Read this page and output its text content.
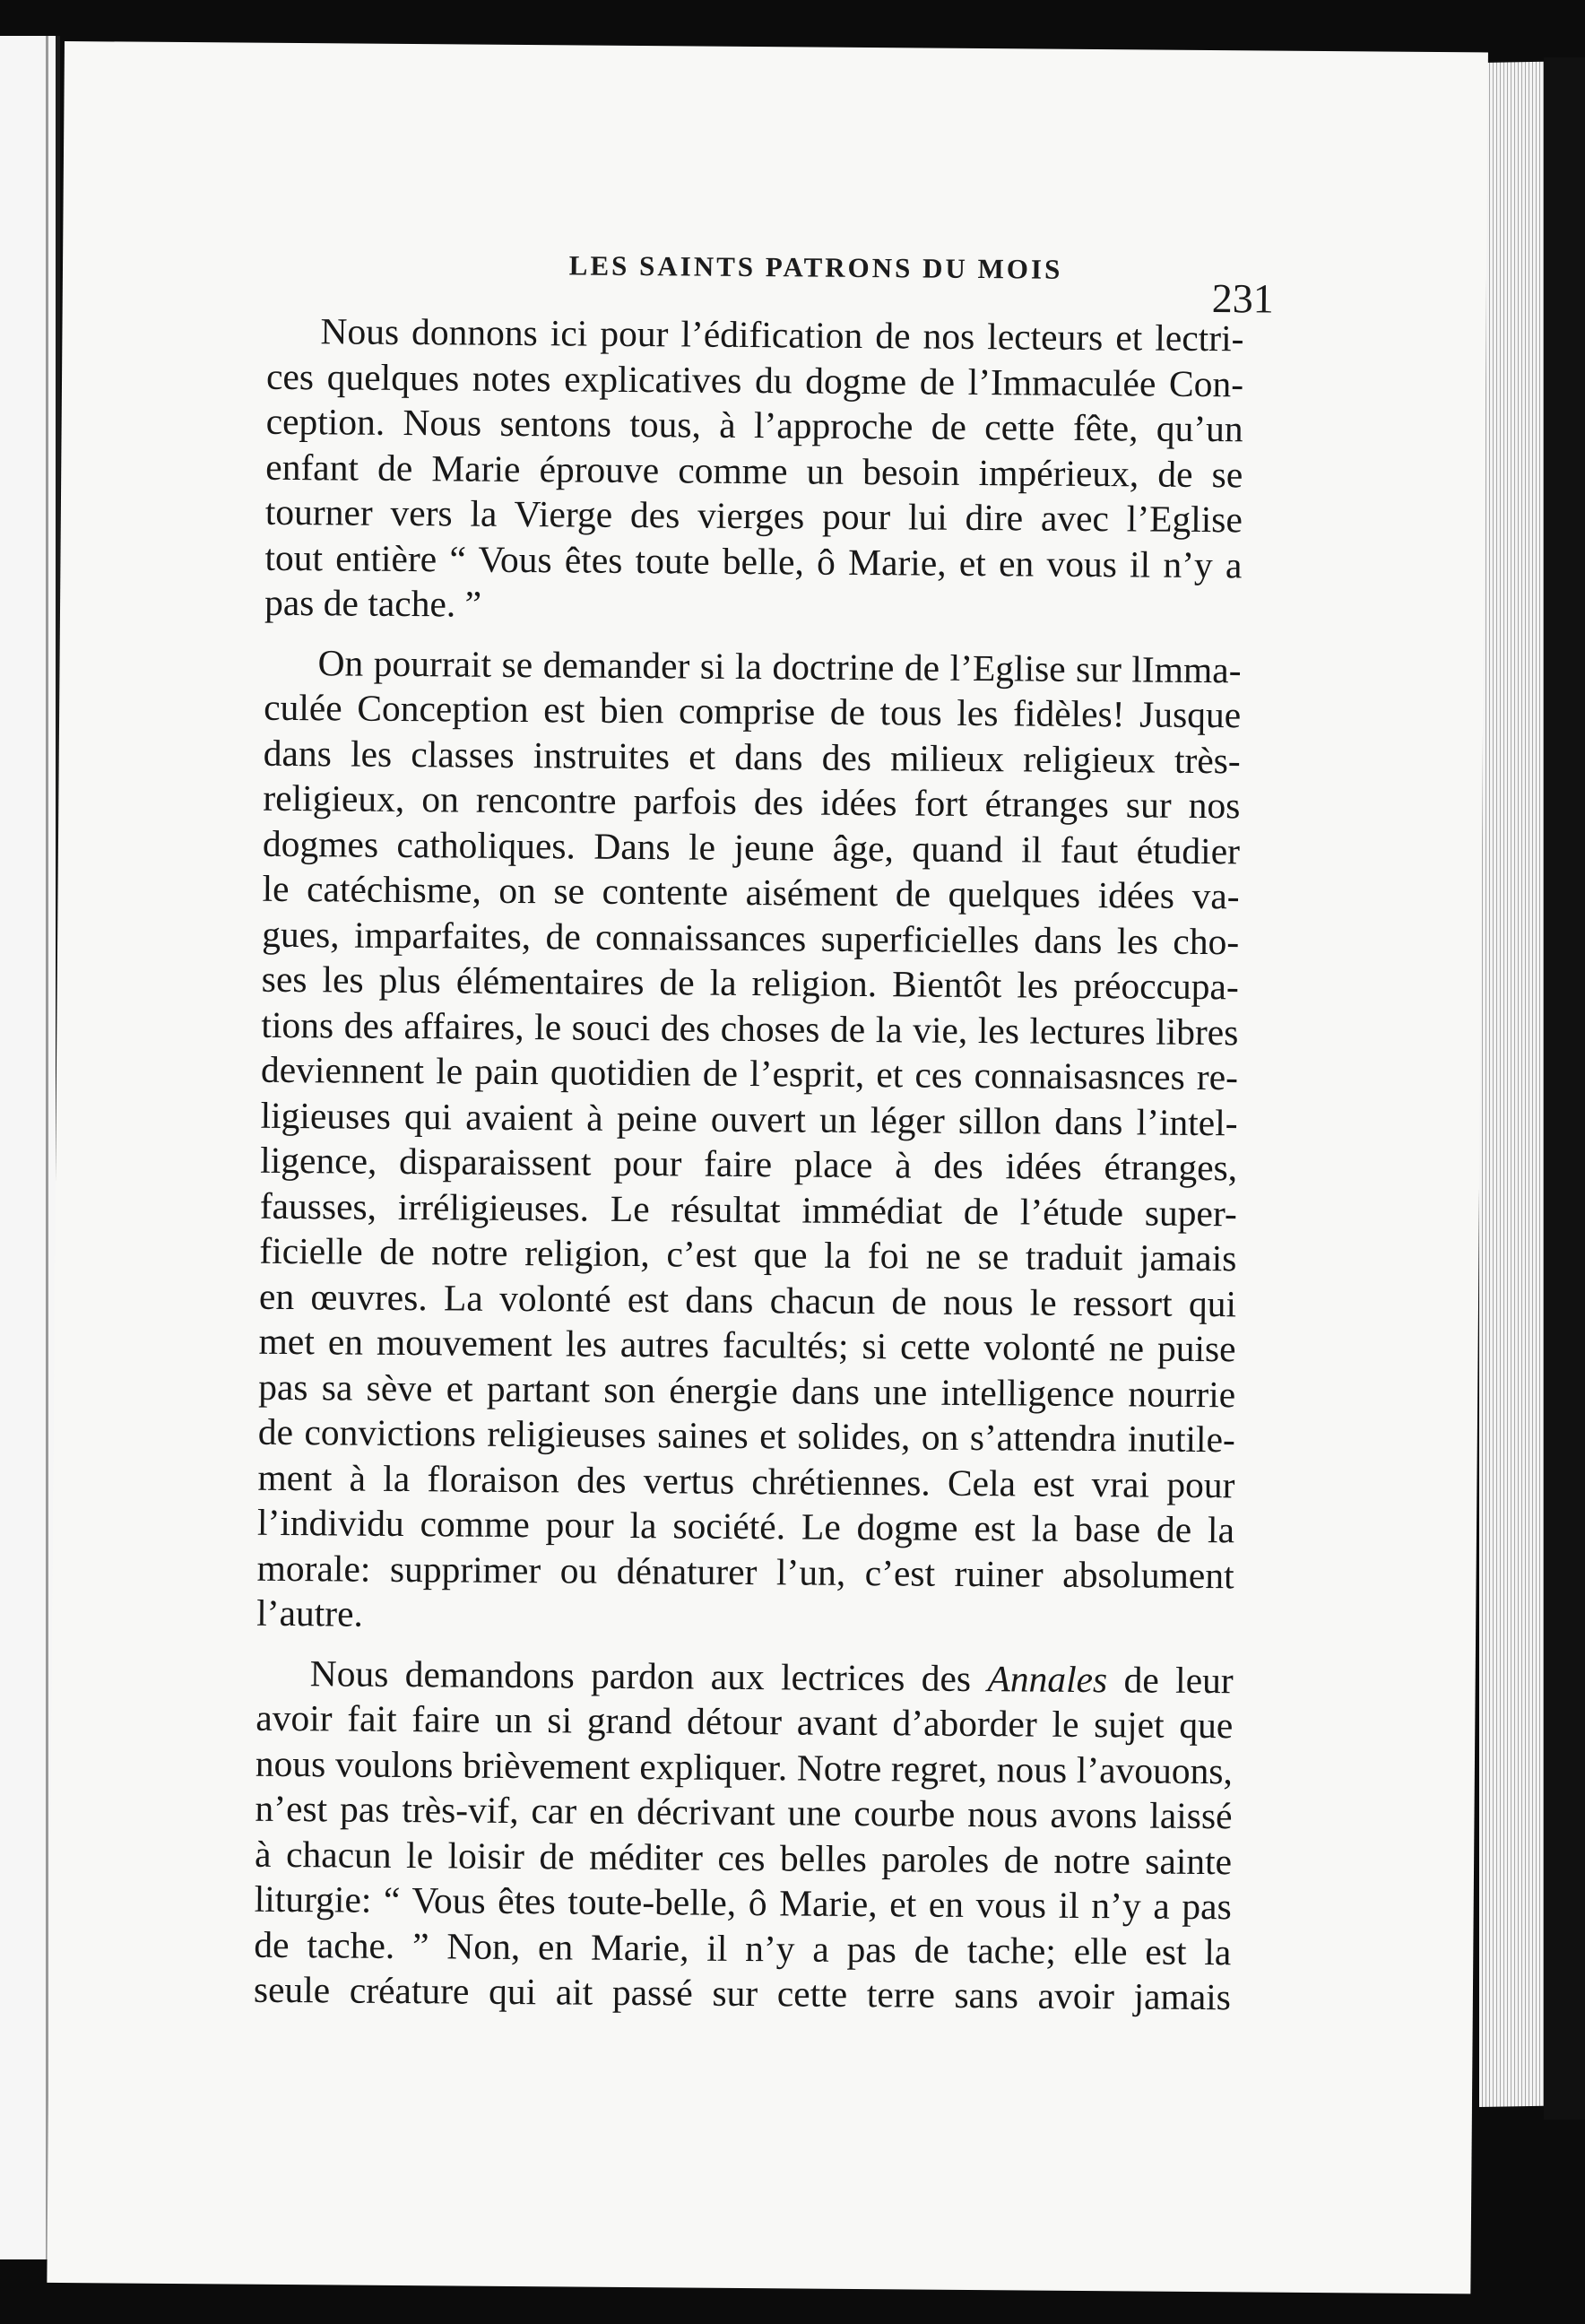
LES SAINTS PATRONS DU MOIS
231
Nous donnons ici pour l’édification de nos lecteurs et lectri-
ces quelques notes explicatives du dogme de l’Immaculée Con-
ception. Nous sentons tous, à l’approche de cette fête, qu’un
enfant de Marie éprouve comme un besoin impérieux, de se
tourner vers la Vierge des vierges pour lui dire avec l’Eglise
tout entière “ Vous êtes toute belle, ô Marie, et en vous il n’y a
pas de tache. ”
On pourrait se demander si la doctrine de l’Eglise sur lImma-
culée Conception est bien comprise de tous les fidèles! Jusque
dans les classes instruites et dans des milieux religieux très-
religieux, on rencontre parfois des idées fort étranges sur nos
dogmes catholiques. Dans le jeune âge, quand il faut étudier
le catéchisme, on se contente aisément de quelques idées va-
gues, imparfaites, de connaissances superficielles dans les cho-
ses les plus élémentaires de la religion. Bientôt les préoccupa-
tions des affaires, le souci des choses de la vie, les lectures libres
deviennent le pain quotidien de l’esprit, et ces connaisasnces re-
ligieuses qui avaient à peine ouvert un léger sillon dans l’intel-
ligence, disparaissent pour faire place à des idées étranges,
fausses, irréligieuses. Le résultat immédiat de l’étude super-
ficielle de notre religion, c’est que la foi ne se traduit jamais
en œuvres. La volonté est dans chacun de nous le ressort qui
met en mouvement les autres facultés; si cette volonté ne puise
pas sa sève et partant son énergie dans une intelligence nourrie
de convictions religieuses saines et solides, on s’attendra inutile-
ment à la floraison des vertus chrétiennes. Cela est vrai pour
l’individu comme pour la société. Le dogme est la base de la
morale: supprimer ou dénaturer l’un, c’est ruiner absolument
l’autre.
Nous demandons pardon aux lectrices des Annales de leur
avoir fait faire un si grand détour avant d’aborder le sujet que
nous voulons brièvement expliquer. Notre regret, nous l’avouons,
n’est pas très-vif, car en décrivant une courbe nous avons laissé
à chacun le loisir de méditer ces belles paroles de notre sainte
liturgie: “ Vous êtes toute-belle, ô Marie, et en vous il n’y a pas
de tache. ” Non, en Marie, il n’y a pas de tache; elle est la
seule créature qui ait passé sur cette terre sans avoir jamais
